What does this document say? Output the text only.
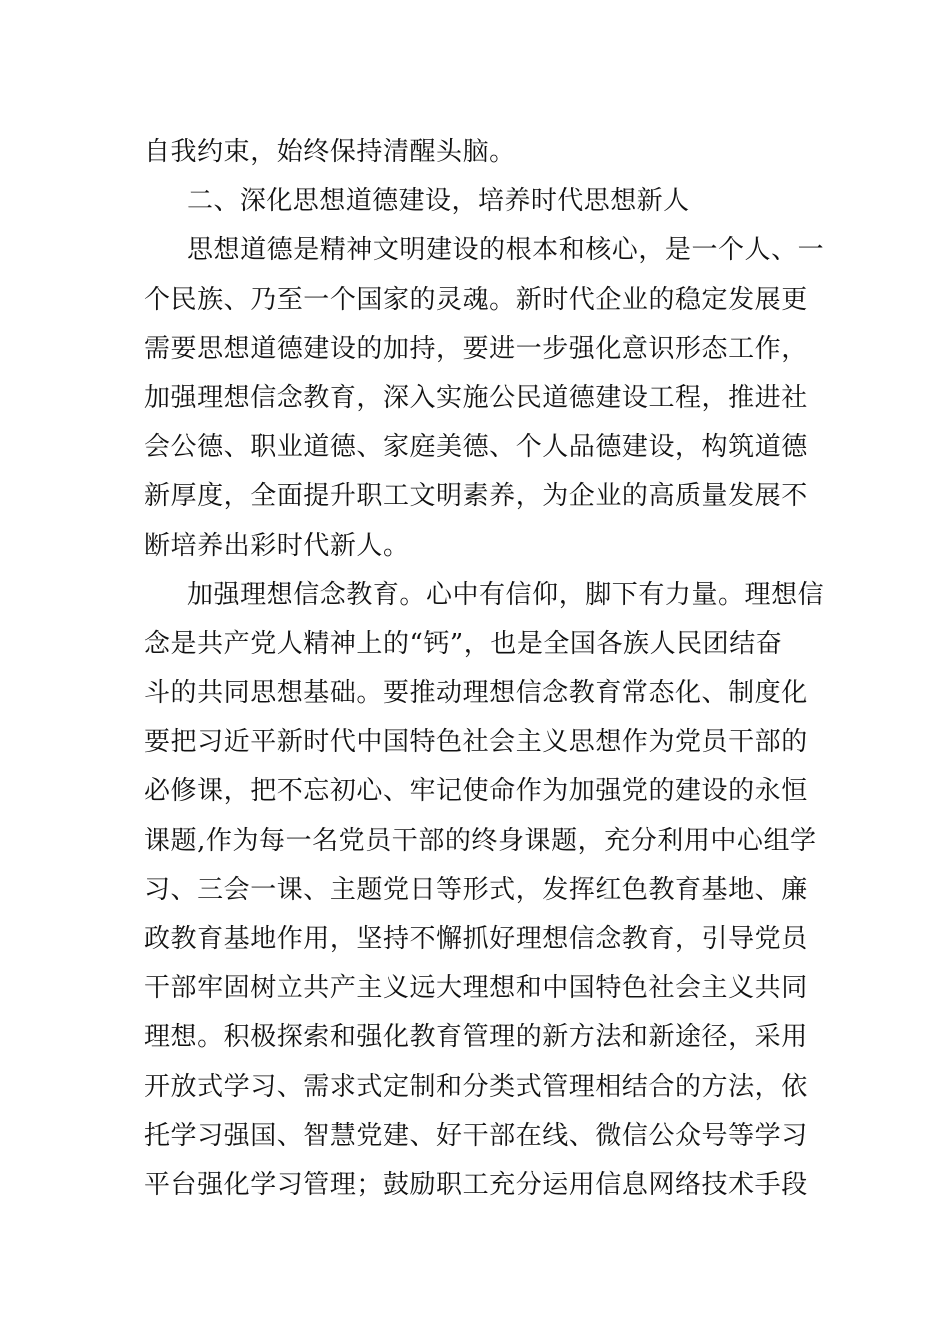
自我约束，始终保持清醒头脑。
二、深化思想道德建设，培养时代思想新人
思想道德是精神文明建设的根本和核心，是一个人、一
个民族、乃至一个国家的灵魂。新时代企业的稳定发展更
需要思想道德建设的加持，要进一步强化意识形态工作，
加强理想信念教育，深入实施公民道德建设工程，推进社
会公德、职业道德、家庭美德、个人品德建设，构筑道德
新厚度，全面提升职工文明素养，为企业的高质量发展不
断培养出彩时代新人。
加强理想信念教育。心中有信仰，脚下有力量。理想信
念是共产党人精神上的“钙”，也是全国各族人民团结奋
斗的共同思想基础。要推动理想信念教育常态化、制度化
要把习近平新时代中国特色社会主义思想作为党员干部的
必修课，把不忘初心、牢记使命作为加强党的建设的永恒
课题,作为每一名党员干部的终身课题，充分利用中心组学
习、三会一课、主题党日等形式，发挥红色教育基地、廉
政教育基地作用，坚持不懈抓好理想信念教育，引导党员
干部牢固树立共产主义远大理想和中国特色社会主义共同
理想。积极探索和强化教育管理的新方法和新途径，采用
开放式学习、需求式定制和分类式管理相结合的方法，依
托学习强国、智慧党建、好干部在线、微信公众号等学习
平台强化学习管理；鼓励职工充分运用信息网络技术手段
